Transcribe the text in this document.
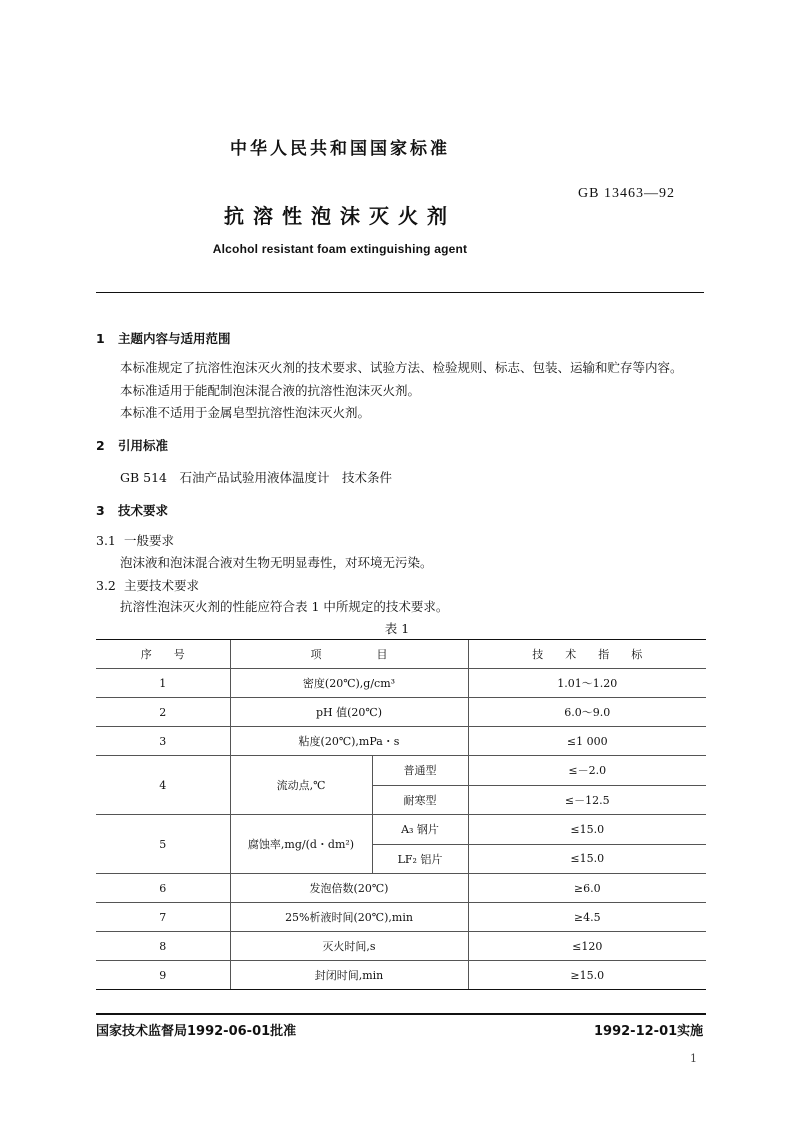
中华人民共和国国家标准
GB 13463—92
抗溶性泡沫灭火剂
Alcohol resistant foam extinguishing agent
1 主题内容与适用范围
本标准规定了抗溶性泡沫灭火剂的技术要求、试验方法、检验规则、标志、包装、运输和贮存等内容。
本标准适用于能配制泡沫混合液的抗溶性泡沫灭火剂。
本标准不适用于金属皂型抗溶性泡沫灭火剂。
2 引用标准
GB 514　石油产品试验用液体温度计　技术条件
3 技术要求
3.1 一般要求
泡沫液和泡沫混合液对生物无明显毒性，对环境无污染。
3.2 主要技术要求
抗溶性泡沫灭火剂的性能应符合表 1 中所规定的技术要求。
表 1
序　　号	项　　　　　目		技　　术　　指　　标
1	密度(20℃),g/cm³		1.01～1.20
2	pH 值(20℃)		6.0～9.0
3	粘度(20℃),mPa・s		≤1 000
4	流动点,℃	普通型	≤－2.0
		耐寒型	≤－12.5
5	腐蚀率,mg/(d・dm²)	A₃ 钢片	≤15.0
		LF₂ 铝片	≤15.0
6	发泡倍数(20℃)		≥6.0
7	25%析液时间(20℃),min		≥4.5
8	灭火时间,s		≤120
9	封闭时间,min		≥15.0
国家技术监督局1992-06-01批准	1992-12-01实施
1
